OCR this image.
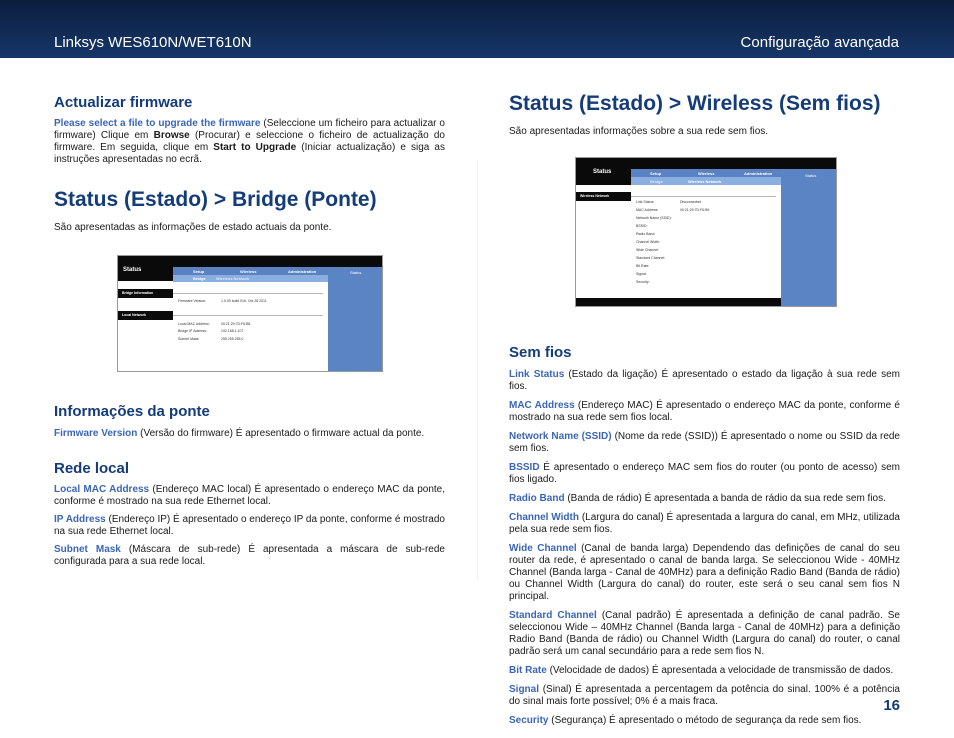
Linksys WES610N/WET610N	Configuração avançada
Actualizar firmware

Please select a file to upgrade the firmware (Seleccione um ficheiro para actualizar o firmware) Clique em Browse (Procurar) e seleccione o ficheiro de actualização do firmware. Em seguida, clique em Start to Upgrade (Iniciar actualização) e siga as instruções apresentadas no ecrã.

Status (Estado) > Bridge (Ponte)

São apresentadas as informações de estado actuais da ponte.

Status	Setup	Wireless	Administration
Bridge	Wireless Network
Status
Bridge Information
Local Network
Firmware Version:	1.0.00 build 016, Oct 28 2011
Local MAC Address:	00:21:29:7D:F6:B8
Bridge IP Address:	192.168.1.107
Subnet Mask:	255.255.255.0
Informações da ponte

Firmware Version (Versão do firmware) É apresentado o firmware actual da ponte.

Rede local

Local MAC Address (Endereço MAC local) É apresentado o endereço MAC da ponte, conforme é mostrado na sua rede Ethernet local.

IP Address (Endereço IP) É apresentado o endereço IP da ponte, conforme é mostrado na sua rede Ethernet local.

Subnet Mask (Máscara de sub-rede) É apresentada a máscara de sub-rede configurada para a sua rede local.

Status (Estado) > Wireless (Sem fios)

São apresentadas informações sobre a sua rede sem fios.

Status	Setup	Wireless	Administration
Bridge	Wireless Network
Status
Wireless Network
Link Status:	Disconnected
MAC Address:	00:21:29:7D:F6:B9
Network Name (SSID):
BSSID:
Radio Band:
Channel Width:
Wide Channel:
Standard Channel:
Bit Rate:
Signal:
Security:
Sem fios

Link Status (Estado da ligação) É apresentado o estado da ligação à sua rede sem fios.

MAC Address (Endereço MAC) É apresentado o endereço MAC da ponte, conforme é mostrado na sua rede sem fios local.

Network Name (SSID) (Nome da rede (SSID)) É apresentado o nome ou SSID da rede sem fios.

BSSID É apresentado o endereço MAC sem fios do router (ou ponto de acesso) sem fios ligado.

Radio Band (Banda de rádio) É apresentada a banda de rádio da sua rede sem fios.

Channel Width (Largura do canal) É apresentada a largura do canal, em MHz, utilizada pela sua rede sem fios.

Wide Channel (Canal de banda larga) Dependendo das definições de canal do seu router da rede, é apresentado o canal de banda larga. Se seleccionou Wide - 40MHz Channel (Banda larga - Canal de 40MHz) para a definição Radio Band (Banda de rádio) ou Channel Width (Largura do canal) do router, este será o seu canal sem fios N principal.

Standard Channel (Canal padrão) É apresentada a definição de canal padrão. Se seleccionou Wide – 40MHz Channel (Banda larga - Canal de 40MHz) para a definição Radio Band (Banda de rádio) ou Channel Width (Largura do canal) do router, o canal padrão será um canal secundário para a rede sem fios N.

Bit Rate (Velocidade de dados) É apresentada a velocidade de transmissão de dados.

Signal (Sinal) É apresentada a percentagem da potência do sinal. 100% é a potência do sinal mais forte possível; 0% é a mais fraca.

Security (Segurança) É apresentado o método de segurança da rede sem fios.

16
